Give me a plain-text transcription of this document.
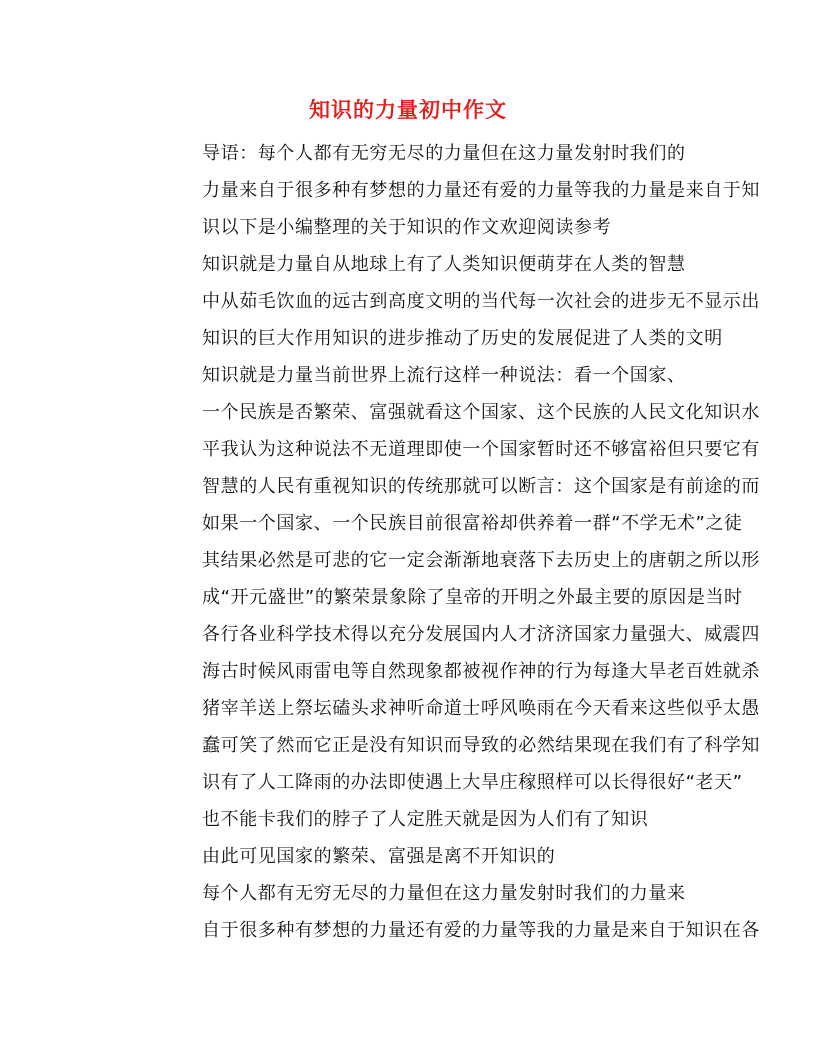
知识的力量初中作文

导语：每个人都有无穷无尽的力量但在这力量发射时我们的
力量来自于很多种有梦想的力量还有爱的力量等我的力量是来自于知
识以下是小编整理的关于知识的作文欢迎阅读参考

知识就是力量自从地球上有了人类知识便萌芽在人类的智慧
中从茹毛饮血的远古到高度文明的当代每一次社会的进步无不显示出
知识的巨大作用知识的进步推动了历史的发展促进了人类的文明

知识就是力量当前世界上流行这样一种说法：看一个国家、
一个民族是否繁荣、富强就看这个国家、这个民族的人民文化知识水
平我认为这种说法不无道理即使一个国家暂时还不够富裕但只要它有
智慧的人民有重视知识的传统那就可以断言：这个国家是有前途的而
如果一个国家、一个民族目前很富裕却供养着一群“不学无术”之徒
其结果必然是可悲的它一定会渐渐地衰落下去历史上的唐朝之所以形
成“开元盛世”的繁荣景象除了皇帝的开明之外最主要的原因是当时
各行各业科学技术得以充分发展国内人才济济国家力量强大、威震四
海古时候风雨雷电等自然现象都被视作神的行为每逢大旱老百姓就杀
猪宰羊送上祭坛磕头求神听命道士呼风唤雨在今天看来这些似乎太愚
蠢可笑了然而它正是没有知识而导致的必然结果现在我们有了科学知
识有了人工降雨的办法即使遇上大旱庄稼照样可以长得很好“老天”
也不能卡我们的脖子了人定胜天就是因为人们有了知识

由此可见国家的繁荣、富强是离不开知识的

每个人都有无穷无尽的力量但在这力量发射时我们的力量来
自于很多种有梦想的力量还有爱的力量等我的力量是来自于知识在各
